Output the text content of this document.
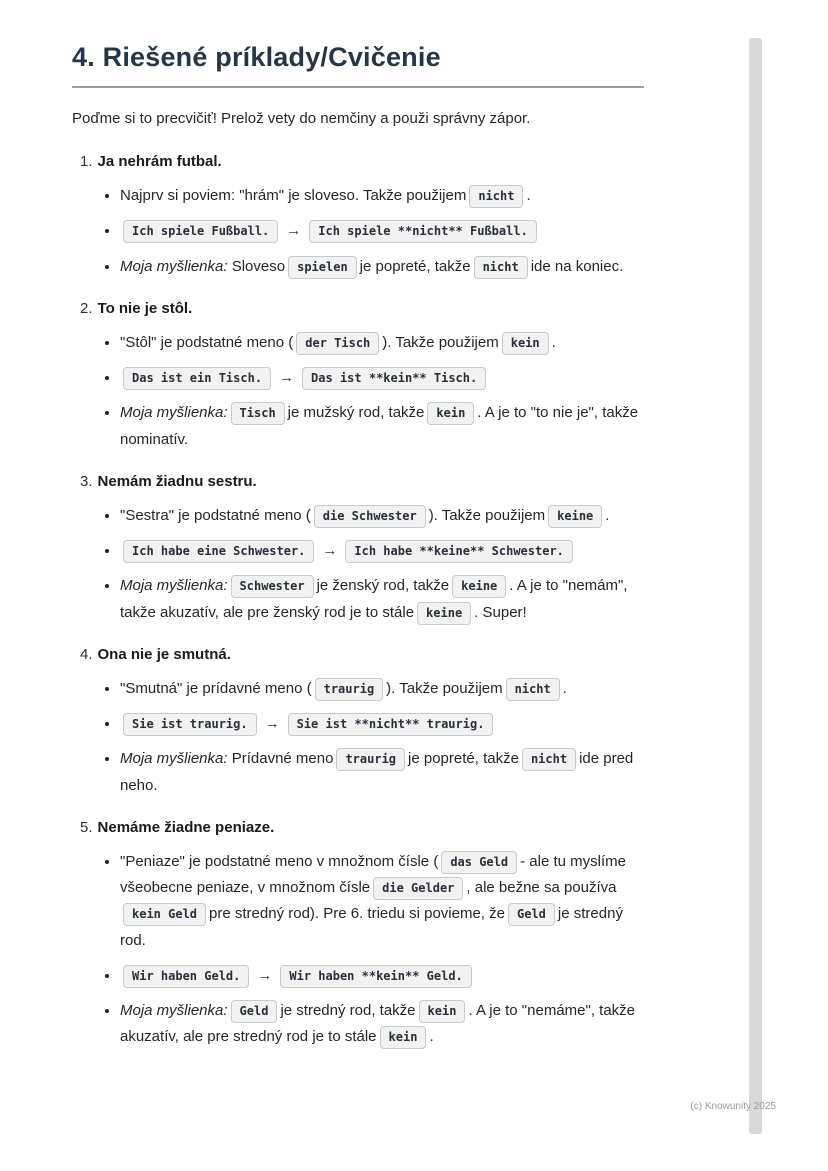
4. Riešené príklady/Cvičenie

Poďme si to precvičiť! Prelož vety do nemčiny a použi správny zápor.

1. Ja nehrám futbal.
• Najprv si poviem: "hrám" je sloveso. Takže použijem nicht .
• Ich spiele Fußball. → Ich spiele **nicht** Fußball.
• Moja myšlienka: Sloveso spielen je popreté, takže nicht ide na koniec.
2. To nie je stôl.
• "Stôl" je podstatné meno ( der Tisch ). Takže použijem kein .
• Das ist ein Tisch. → Das ist **kein** Tisch.
• Moja myšlienka: Tisch je mužský rod, takže kein . A je to "to nie je", takže nominatív.
3. Nemám žiadnu sestru.
• "Sestra" je podstatné meno ( die Schwester ). Takže použijem keine .
• Ich habe eine Schwester. → Ich habe **keine** Schwester.
• Moja myšlienka: Schwester je ženský rod, takže keine . A je to "nemám", takže akuzatív, ale pre ženský rod je to stále keine . Super!
4. Ona nie je smutná.
• "Smutná" je prídavné meno ( traurig ). Takže použijem nicht .
• Sie ist traurig. → Sie ist **nicht** traurig.
• Moja myšlienka: Prídavné meno traurig je popreté, takže nicht ide pred neho.
5. Nemáme žiadne peniaze.
• "Peniaze" je podstatné meno v množnom čísle ( das Geld - ale tu myslíme všeobecne peniaze, v množnom čísle die Gelder , ale bežne sa používakein Geld pre stredný rod). Pre 6. triedu si povieme, že Geld je stredný rod.
• Wir haben Geld. → Wir haben **kein** Geld.
• Moja myšlienka: Geld je stredný rod, takže kein . A je to "nemáme", takže akuzatív, ale pre stredný rod je to stále kein .
(c) Knowunity 2025
